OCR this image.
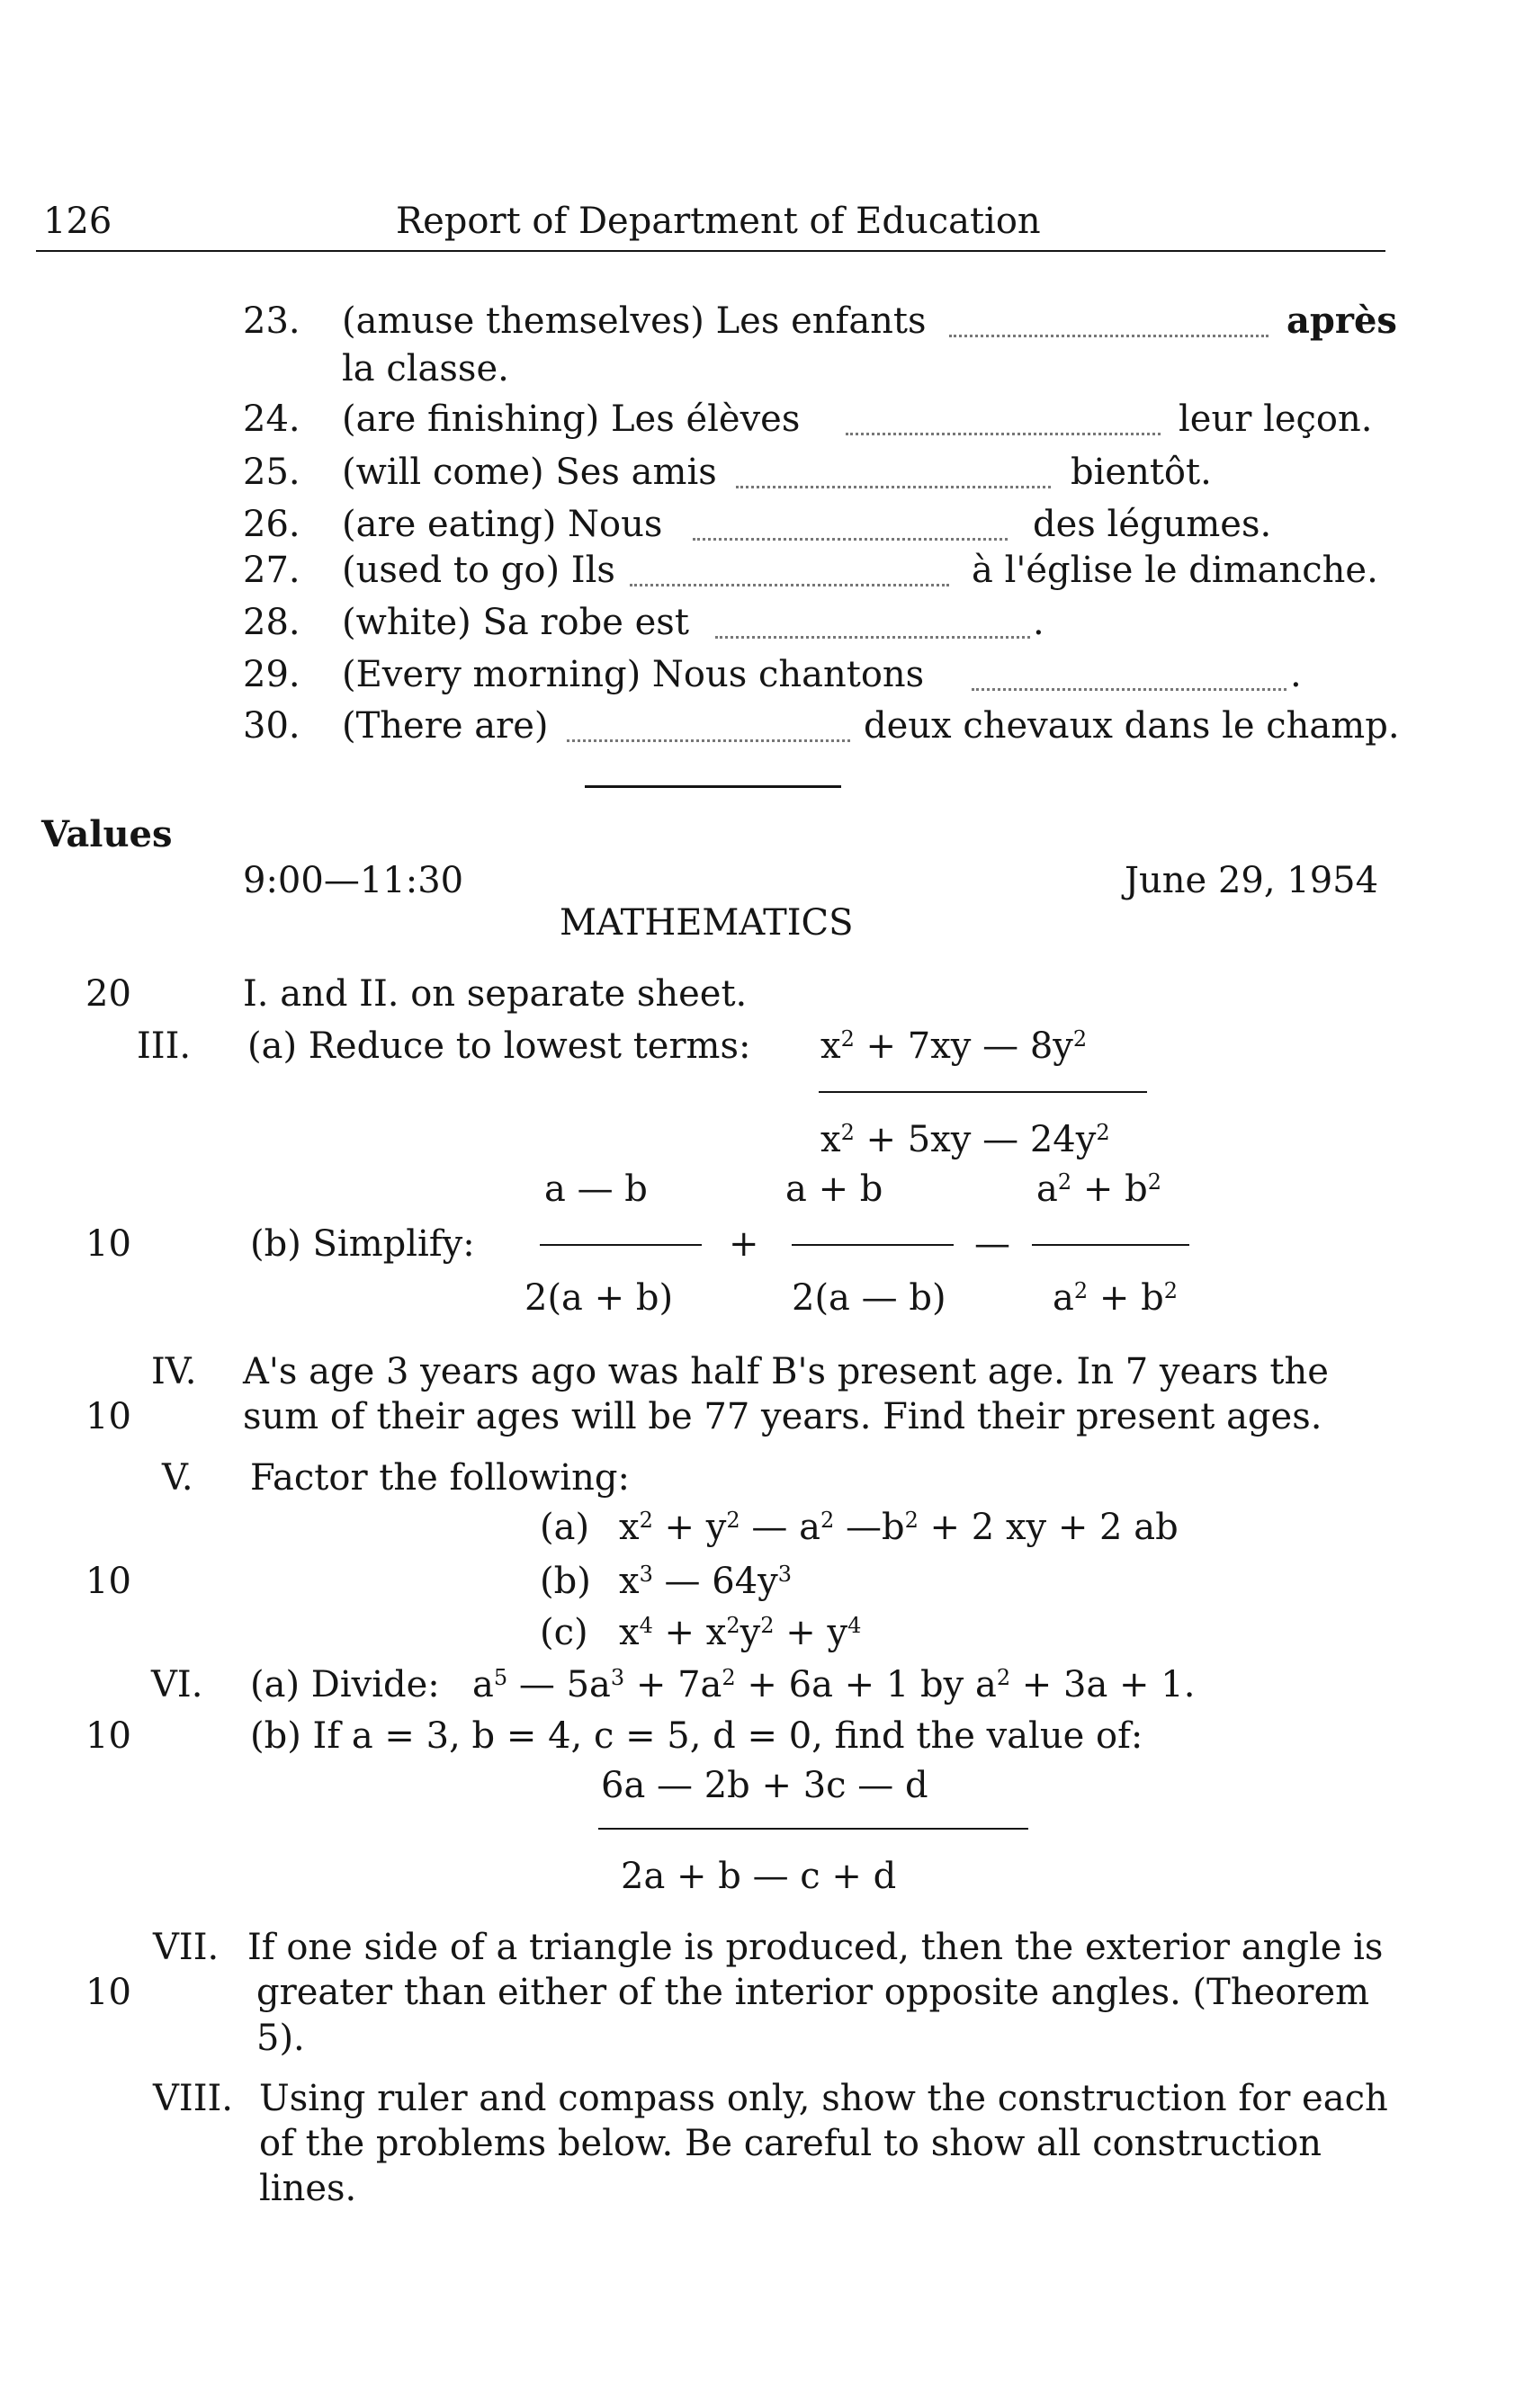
126	Report of Department of Education
23. (amuse themselves) Les enfants	après
la classe.
24. (are finishing) Les élèves	leur leçon.
25. (will come) Ses amis	bientôt.
26. (are eating) Nous	des légumes.
27. (used to go) Ils	à l'église le dimanche.
28. (white) Sa robe est	.
29. (Every morning) Nous chantons	.
30. (There are)	deux chevaux dans le champ.
Values
9:00—11:30	June 29, 1954
MATHEMATICS
20	I. and II. on separate sheet.
III. (a) Reduce to lowest terms: $x^2 + 7xy$ — $8y^2$
$x^2 + 5xy$ — $24y^2$
10	(b) Simplify:
a — b
2(a + b)
+
a + b
2(a — b)
—
$a^2 + b^2$
$a^2 + b^2$
IV. A's age 3 years ago was half B's present age. In 7 years the
10	sum of their ages will be 77 years. Find their present ages.
V. Factor the following:
(a) $x^2 + y^2$ — $a^2$ $—b^2 + 2$ xy + 2 ab
10	(b) $x^3$ — $64y^3$
(c) $x^4 + x^2y^2 + y^4$
VI. (a) Divide: $a^5$ — $5a^3 + 7a^2 + 6a + 1$ by $a^2 + 3a + 1$.
10	(b) If a = 3, b = 4, c = 5, d = 0, find the value of:
6a — 2b + 3c — d
2a + b — c + d
VII. If one side of a triangle is produced, then the exterior angle is
10	greater than either of the interior opposite angles. (Theorem
5).
VIII. Using ruler and compass only, show the construction for each
of the problems below. Be careful to show all construction
lines.
